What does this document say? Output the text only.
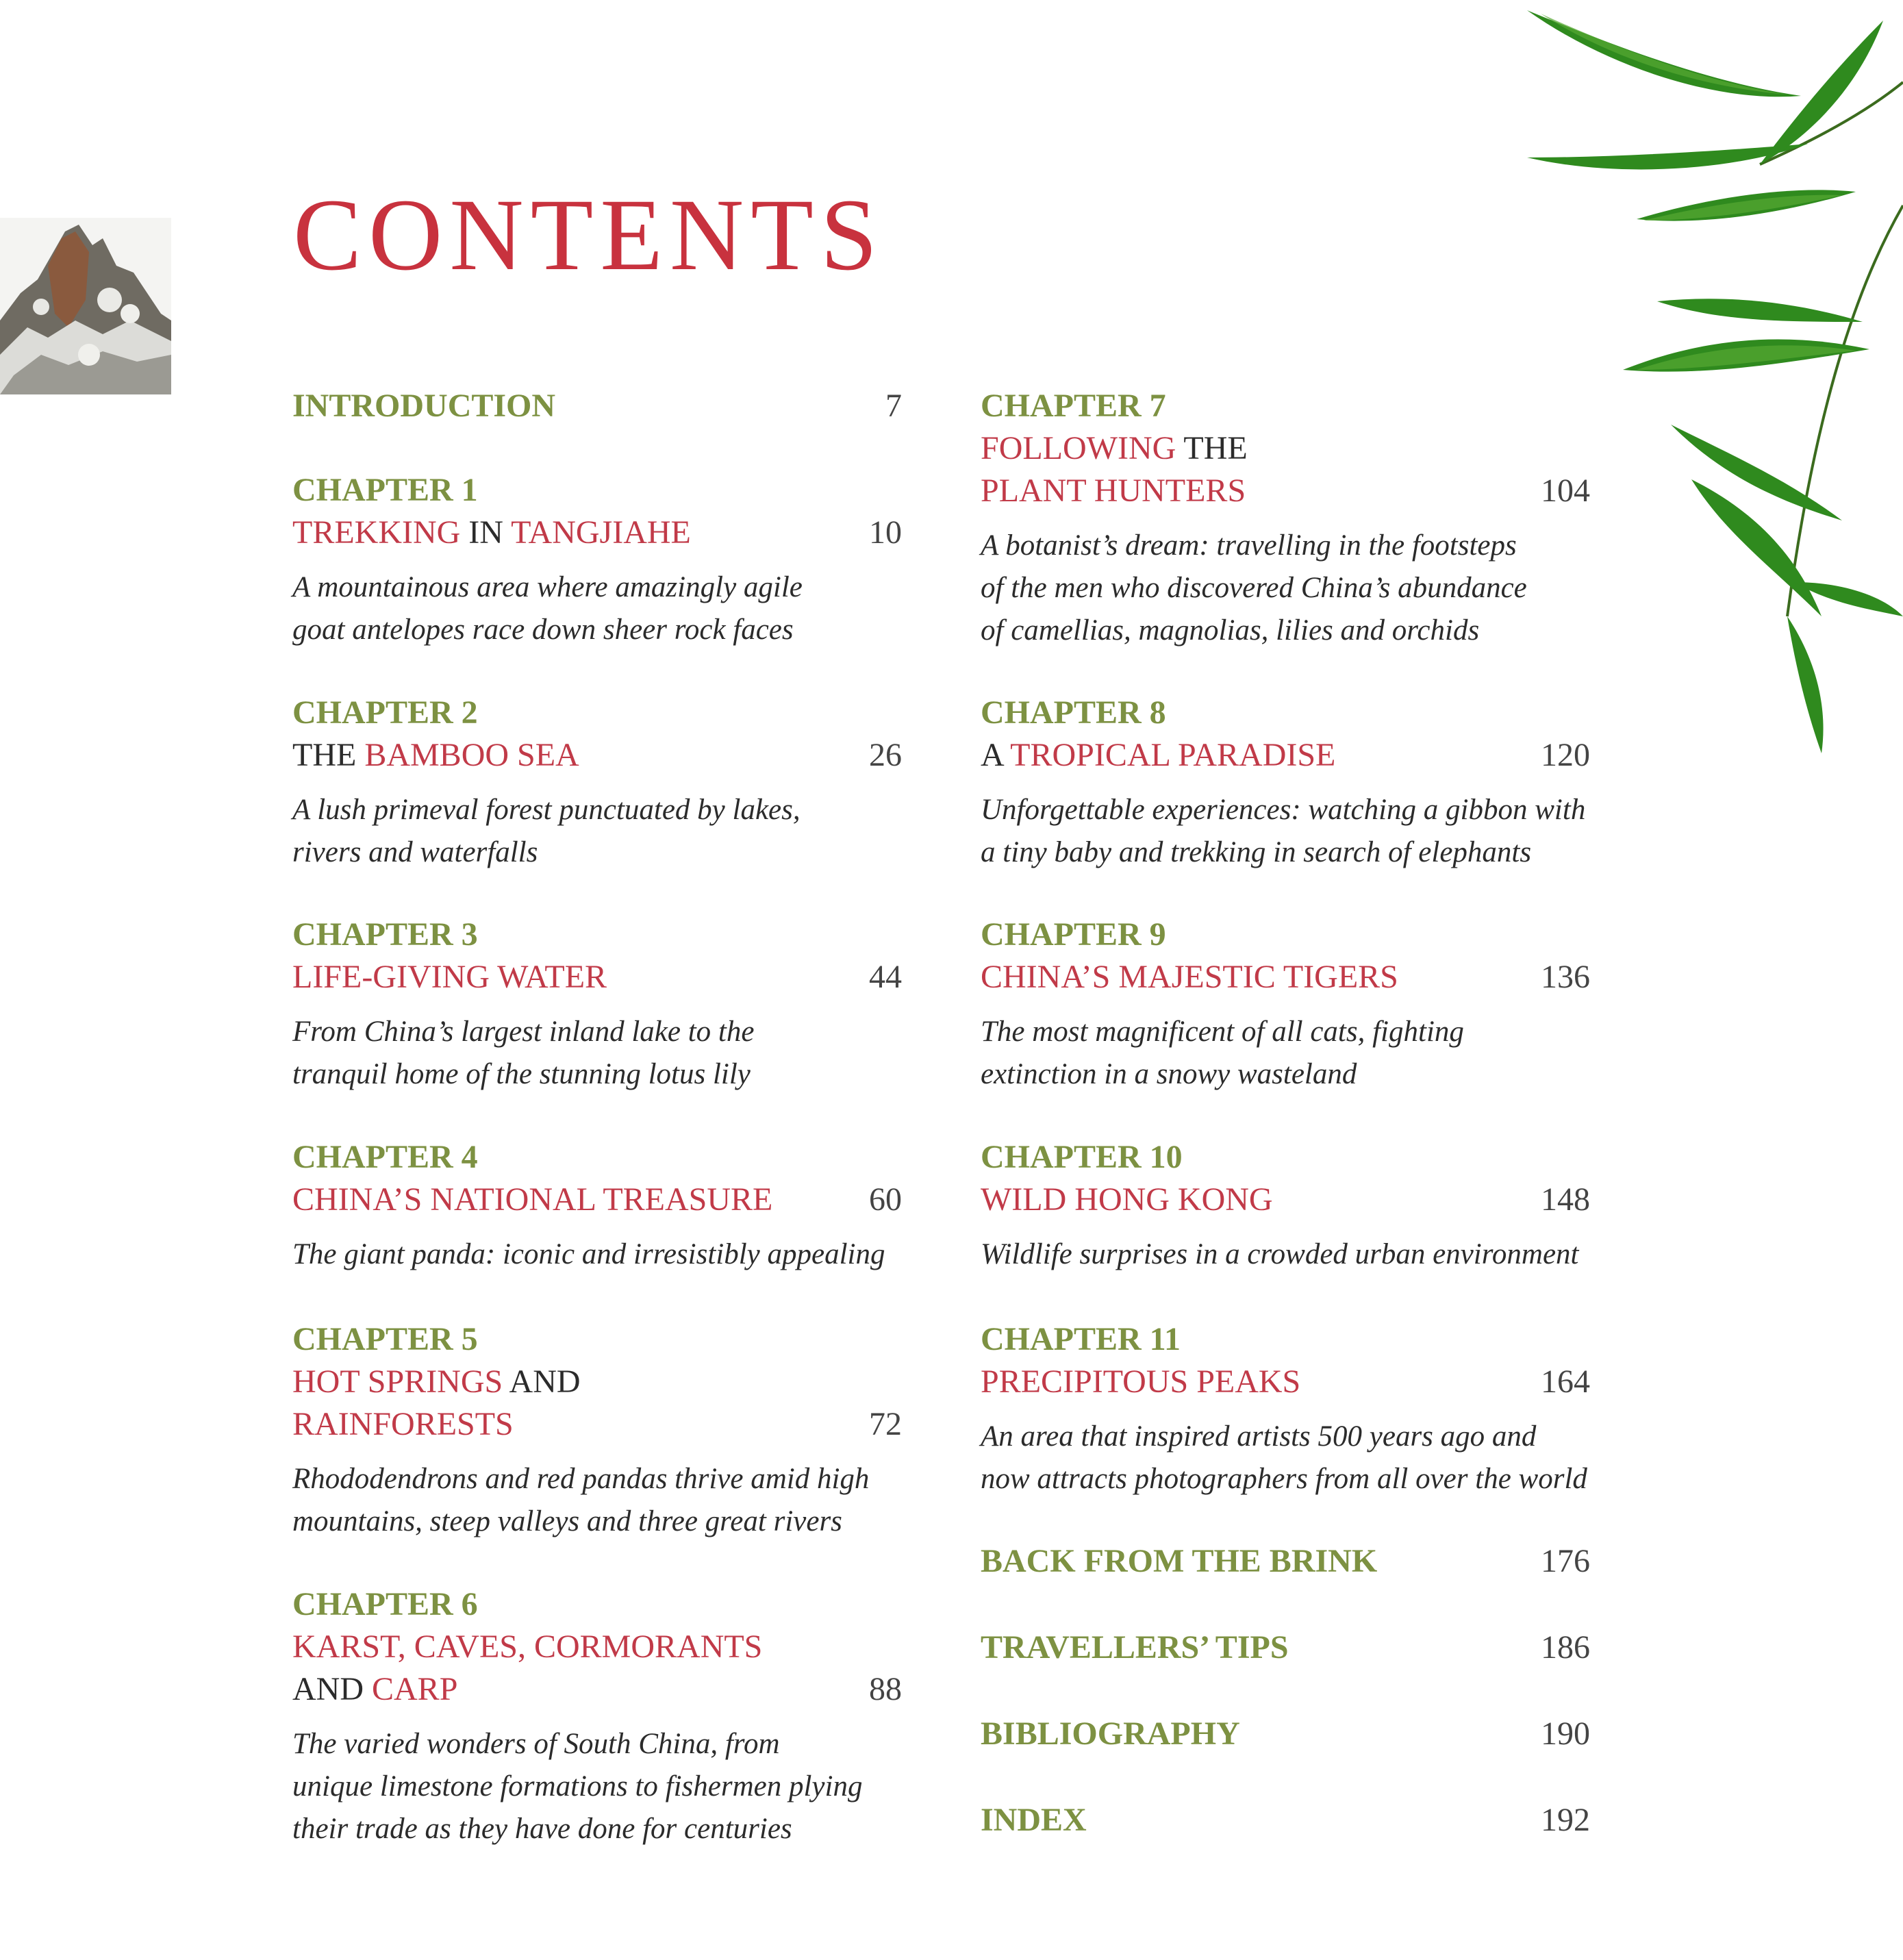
CONTENTS
INTRODUCTION	7
CHAPTER 1
TREKKING IN TANGJIAHE	10
A mountainous area where amazingly agile
goat antelopes race down sheer rock faces
CHAPTER 2
THE BAMBOO SEA	26
A lush primeval forest punctuated by lakes,
rivers and waterfalls
CHAPTER 3
LIFE-GIVING WATER	44
From China’s largest inland lake to the
tranquil home of the stunning lotus lily
CHAPTER 4
CHINA’S NATIONAL TREASURE	60
The giant panda: iconic and irresistibly appealing
CHAPTER 5
HOT SPRINGS AND
RAINFORESTS	72
Rhododendrons and red pandas thrive amid high
mountains, steep valleys and three great rivers
CHAPTER 6
KARST, CAVES, CORMORANTS
AND CARP	88
The varied wonders of South China, from
unique limestone formations to fishermen plying
their trade as they have done for centuries
CHAPTER 7
FOLLOWING THE
PLANT HUNTERS	104
A botanist’s dream: travelling in the footsteps
of the men who discovered China’s abundance
of camellias, magnolias, lilies and orchids
CHAPTER 8
A TROPICAL PARADISE	120
Unforgettable experiences: watching a gibbon with
a tiny baby and trekking in search of elephants
CHAPTER 9
CHINA’S MAJESTIC TIGERS	136
The most magnificent of all cats, fighting
extinction in a snowy wasteland
CHAPTER 10
WILD HONG KONG	148
Wildlife surprises in a crowded urban environment
CHAPTER 11
PRECIPITOUS PEAKS	164
An area that inspired artists 500 years ago and
now attracts photographers from all over the world
BACK FROM THE BRINK	176
TRAVELLERS’ TIPS	186
BIBLIOGRAPHY	190
INDEX	192
